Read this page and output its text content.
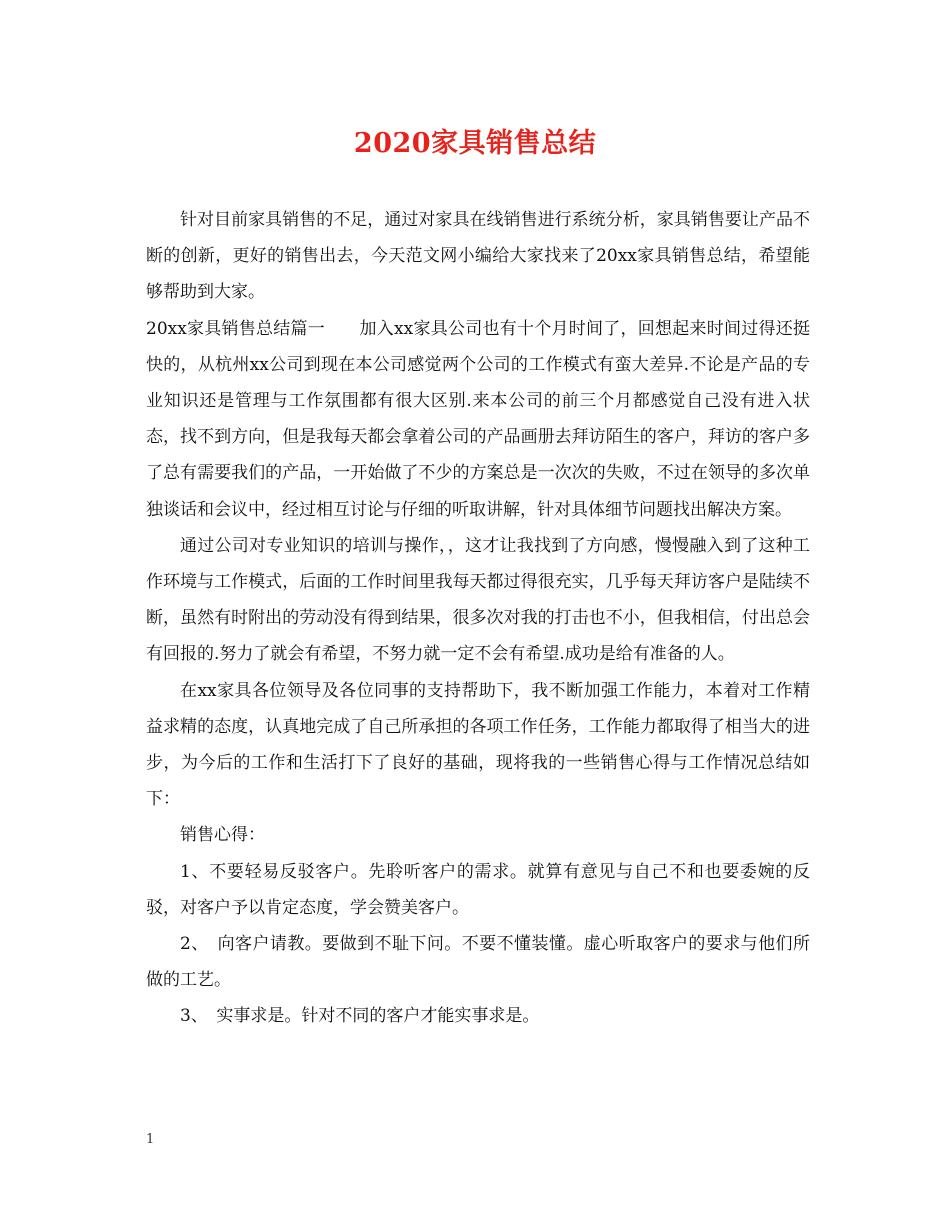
2020家具销售总结

针对目前家具销售的不足，通过对家具在线销售进行系统分析，家具销售要让产品不断的创新，更好的销售出去，今天范文网小编给大家找来了20xx家具销售总结，希望能够帮助到大家。

20xx家具销售总结篇一　　加入xx家具公司也有十个月时间了，回想起来时间过得还挺快的，从杭州xx公司到现在本公司感觉两个公司的工作模式有蛮大差异.不论是产品的专业知识还是管理与工作氛围都有很大区别.来本公司的前三个月都感觉自己没有进入状态，找不到方向，但是我每天都会拿着公司的产品画册去拜访陌生的客户，拜访的客户多了总有需要我们的产品，一开始做了不少的方案总是一次次的失败，不过在领导的多次单独谈话和会议中，经过相互讨论与仔细的听取讲解，针对具体细节问题找出解决方案。

通过公司对专业知识的培训与操作，，这才让我找到了方向感，慢慢融入到了这种工作环境与工作模式，后面的工作时间里我每天都过得很充实，几乎每天拜访客户是陆续不断，虽然有时附出的劳动没有得到结果，很多次对我的打击也不小，但我相信，付出总会有回报的.努力了就会有希望，不努力就一定不会有希望.成功是给有准备的人。

在xx家具各位领导及各位同事的支持帮助下，我不断加强工作能力，本着对工作精益求精的态度，认真地完成了自己所承担的各项工作任务，工作能力都取得了相当大的进步，为今后的工作和生活打下了良好的基础，现将我的一些销售心得与工作情况总结如下：

销售心得：

1、不要轻易反驳客户。先聆听客户的需求。就算有意见与自己不和也要委婉的反驳，对客户予以肯定态度，学会赞美客户。

2、　向客户请教。要做到不耻下问。不要不懂装懂。虚心听取客户的要求与他们所做的工艺。

3、　实事求是。针对不同的客户才能实事求是。

1
